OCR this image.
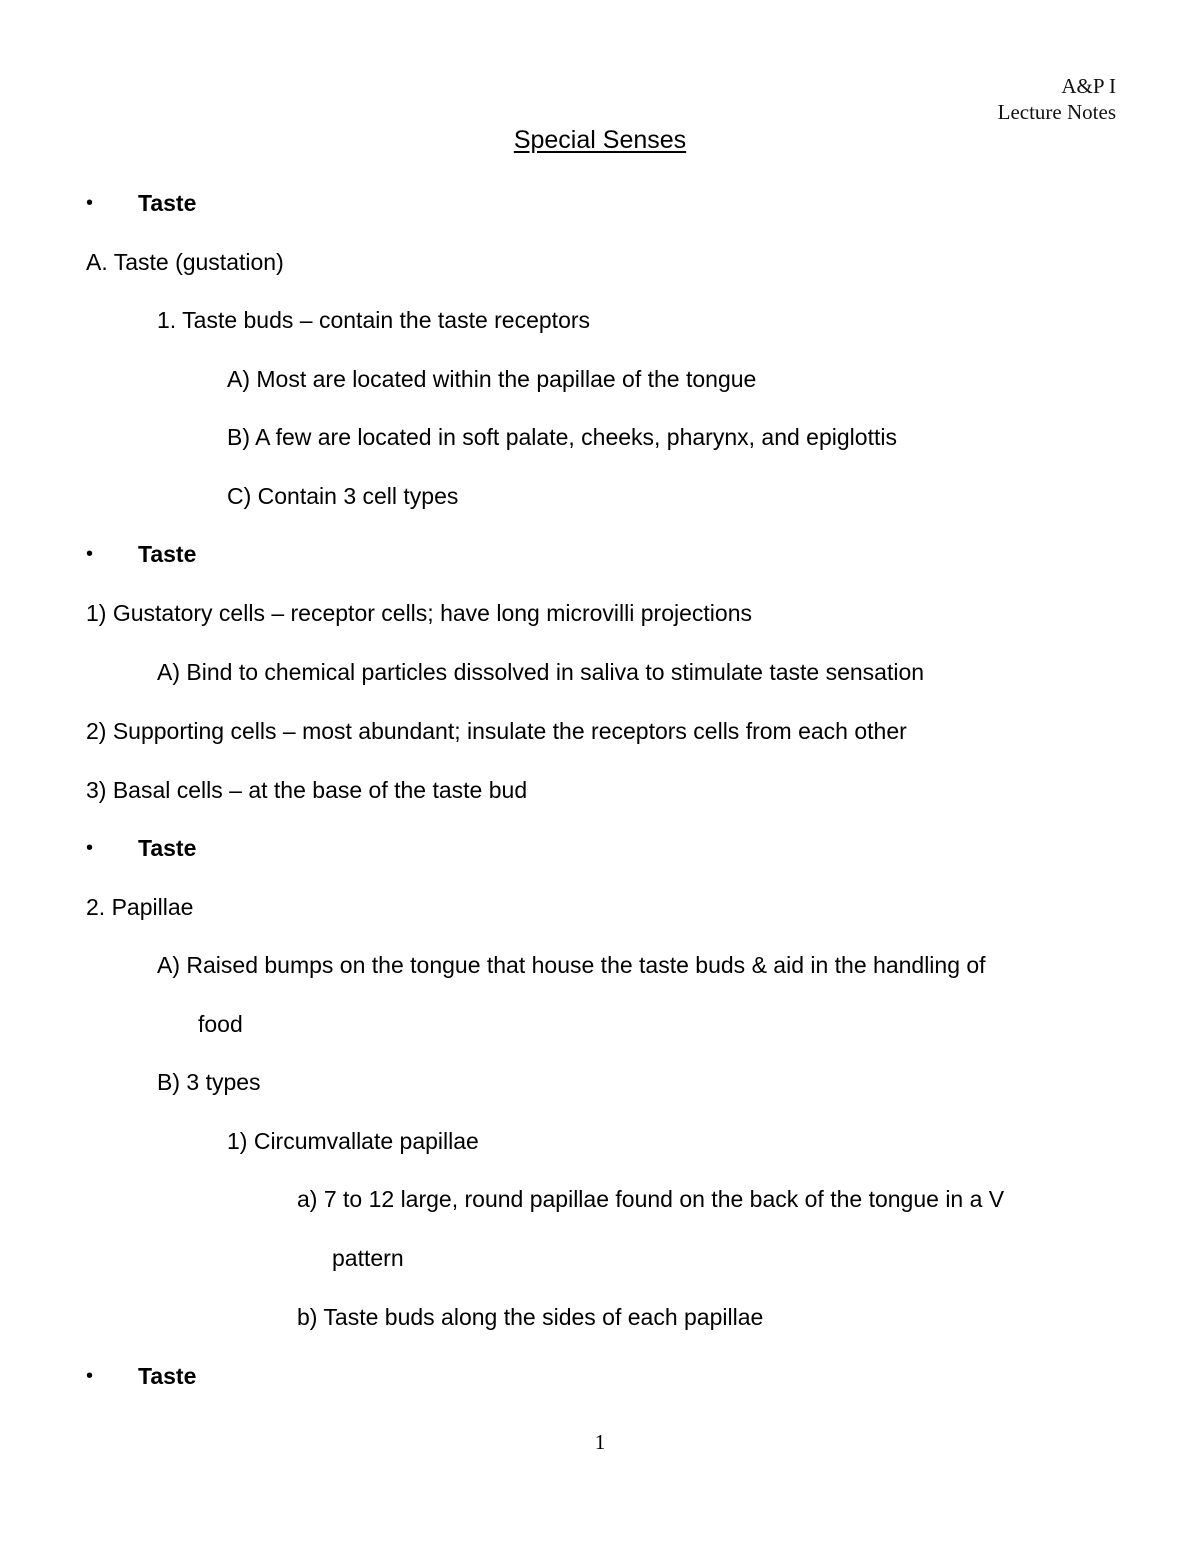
A&P I
Lecture Notes
Special Senses
• Taste
A. Taste (gustation)
1. Taste buds – contain the taste receptors
A) Most are located within the papillae of the tongue
B) A few are located in soft palate, cheeks, pharynx, and epiglottis
C) Contain 3 cell types
• Taste
1) Gustatory cells – receptor cells; have long microvilli projections
A) Bind to chemical particles dissolved in saliva to stimulate taste sensation
2) Supporting cells – most abundant; insulate the receptors cells from each other
3) Basal cells – at the base of the taste bud
• Taste
2. Papillae
A) Raised bumps on the tongue that house the taste buds & aid in the handling of
food
B) 3 types
1) Circumvallate papillae
a) 7 to 12 large, round papillae found on the back of the tongue in a V
pattern
b) Taste buds along the sides of each papillae
• Taste
1
